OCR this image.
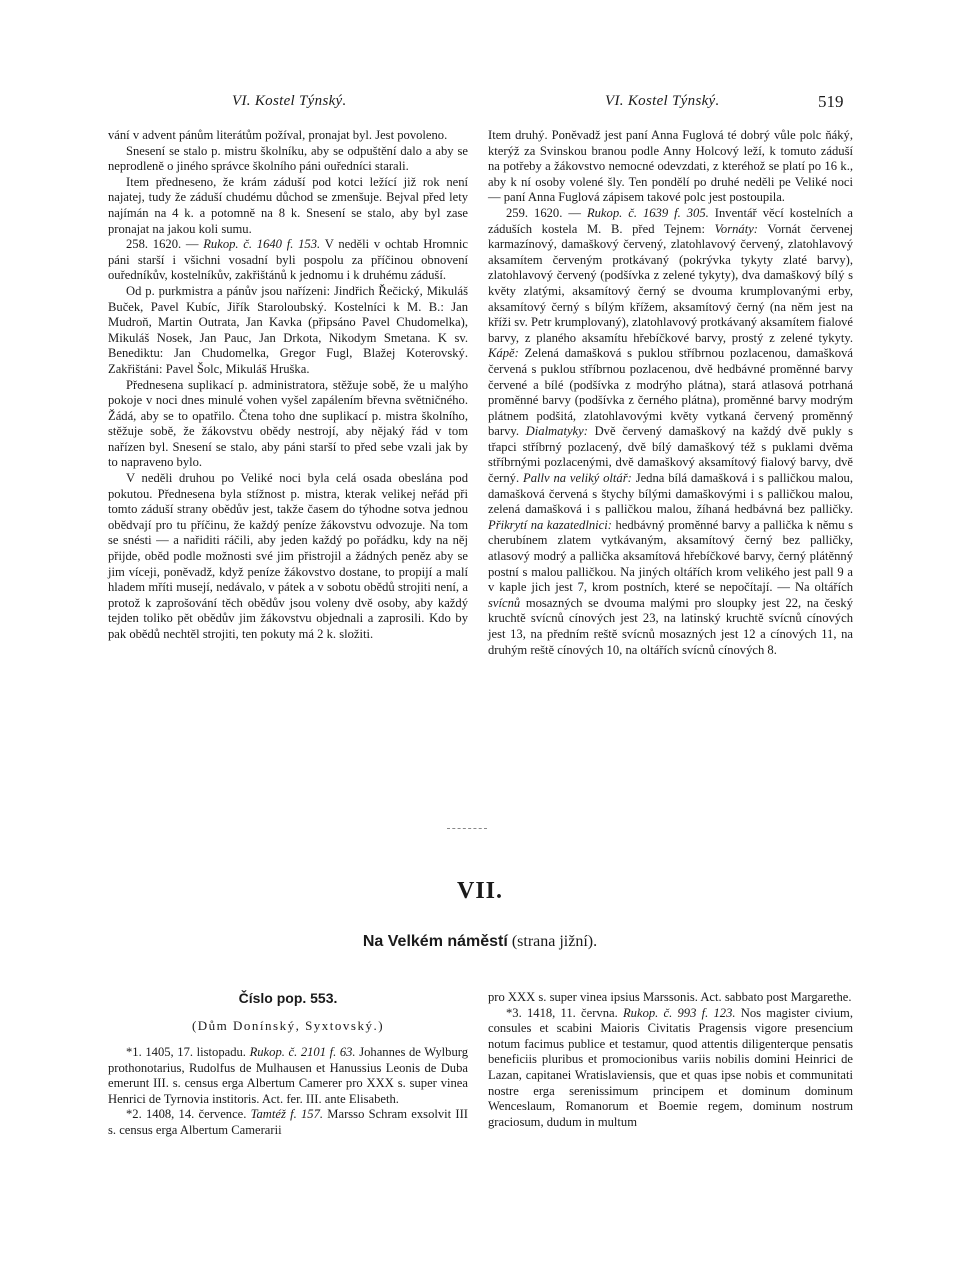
VI. Kostel Týnský.	VI. Kostel Týnský.	519

vání v advent pánům literátům požíval, pronajat byl. Jest povoleno.

Snesení se stalo p. mistru školníku, aby se odpuštění dalo a aby se neprodleně o jiného správce školního páni ouředníci starali.

Item předneseno, že krám záduší pod kotci ležící již rok není najatej, tudy že záduší chudému důchod se zmenšuje. Bejval před lety najímán na 4 k. a potomně na 8 k. Snesení se stalo, aby byl zase pronajat na jakou koli sumu.

258. 1620. — Rukop. č. 1640 f. 153. V neděli v ochtab Hromnic páni starší i všichni vosadní byli pospolu za příčinou obnovení ouředníkův, kostelníkův, zakřištánů k jednomu i k druhému záduší.

Od p. purkmistra a pánův jsou nařízeni: Jindřich Řečický, Mikuláš Buček, Pavel Kubíc, Jiřík Staroloubský. Kostelníci k M. B.: Jan Mudroň, Martin Outrata, Jan Kavka (připsáno Pavel Chudomelka), Mikuláš Nosek, Jan Pauc, Jan Drkota, Nikodym Smetana. K sv. Benediktu: Jan Chudomelka, Gregor Fugl, Blažej Koterovský. Zakřištáni: Pavel Šolc, Mikuláš Hruška.

Přednesena suplikací p. administratora, stěžuje sobě, že u malýho pokoje v noci dnes minulé vohen vyšel zapálením břevna světničného. Žádá, aby se to opatřilo. Čtena toho dne suplikací p. mistra školního, stěžuje sobě, že žákovstvu obědy nestrojí, aby nějaký řád v tom nařízen byl. Snesení se stalo, aby páni starší to před sebe vzali jak by to napraveno bylo.

V neděli druhou po Veliké noci byla celá osada obeslána pod pokutou. Přednesena byla stížnost p. mistra, kterak velikej neřád při tomto záduší strany obědův jest, takže časem do týhodne sotva jednou obědvají pro tu příčinu, že každý peníze žákovstvu odvozuje. Na tom se snésti — a nařiditi ráčili, aby jeden každý po pořádku, kdy na něj přijde, oběd podle možnosti své jim přistrojil a žádných peněz aby se jim víceji, poněvadž, když peníze žákovstvo dostane, to propijí a malí hladem mříti musejí, nedávalo, v pátek a v sobotu obědů strojiti není, a protož k zaprošování těch obědův jsou voleny dvě osoby, aby každý tejden toliko pět obědův jim žákovstvu objednali a zaprosili. Kdo by pak obědů nechtěl strojiti, ten pokuty má 2 k. složiti.

Item druhý. Poněvadž jest paní Anna Fuglová té dobrý vůle polc ňáký, kterýž za Svinskou branou podle Anny Holcový leží, k tomuto záduší na potřeby a žákovstvo nemocné odevzdati, z kteréhož se platí po 16 k., aby k ní osoby volené šly. Ten pondělí po druhé neděli pe Veliké noci — paní Anna Fuglová zápisem takové polc jest postoupila.

259. 1620. — Rukop. č. 1639 f. 305. Inventář věcí kostelních a záduších kostela M. B. před Tejnem: Vornáty: Vornát červenej karmazínový, damaškový červený, zlatohlavový červený, zlatohlavový aksamítem červeným protkávaný (pokrývka tykyty zlaté barvy), zlatohlavový červený (podšívka z zelené tykyty), dva damaškový bílý s květy zlatými, aksamítový černý se dvouma krumplovanými erby, aksamítový černý s bílým křížem, aksamítový černý (na něm jest na kříži sv. Petr krumplovaný), zlatohlavový protkávaný aksamítem fialové barvy, z planého aksamítu hřebíčkové barvy, prostý z zelené tykyty. Kápě: Zelená damašková s puklou stříbrnou pozlacenou, damašková červená s puklou stříbrnou pozlacenou, dvě hedbávné proměnné barvy červené a bílé (podšívka z modrýho plátna), stará atlasová potrhaná proměnné barvy (podšívka z černého plátna), proměnné barvy modrým plátnem podšitá, zlatohlavovými květy vytkaná červený proměnný barvy. Dialmatyky: Dvě červený damaškový na každý dvě pukly s třapci stříbrný pozlacený, dvě bílý damaškový též s puklami dvěma stříbrnými pozlacenými, dvě damaškový aksamítový fialový barvy, dvě černý. Pallv na veliký oltář: Jedna bílá damašková i s palličkou malou, damašková červená s štychy bílými damaškovými i s palličkou malou, zelená damašková i s palličkou malou, žíhaná hedbávná bez palličky. Přikrytí na kazatedlnici: hedbávný proměnné barvy a pallička k němu s cherubínem zlatem vytkávaným, aksamítový černý bez palličky, atlasový modrý a pallička aksamítová hřebíčkové barvy, černý plátěnný postní s malou palličkou. Na jiných oltářích krom velikého jest pall 9 a v kaple jich jest 7, krom postních, které se nepočítají. — Na oltářích svícnů mosazných se dvouma malými pro sloupky jest 22, na český kruchtě svícnů cínových jest 23, na latinský kruchtě svícnů cínových jest 13, na předním reště svícnů mosazných jest 12 a cínových 11, na druhým reště cínových 10, na oltářích svícnů cínových 8.

VII.
Na Velkém náměstí (strana jižní).
Číslo pop. 553.
(Dům Donínský, Syxtovský.)

*1. 1405, 17. listopadu. Rukop. č. 2101 f. 63. Johannes de Wylburg prothonotarius, Rudolfus de Mulhausen et Hanussius Leonis de Duba emerunt III. s. census erga Albertum Camerer pro XXX s. super vinea Henrici de Tyrnovia institoris. Act. fer. III. ante Elisabeth.

*2. 1408, 14. července. Tamtéž f. 157. Marsso Schram exsolvit III s. census erga Albertum Camerarii

pro XXX s. super vinea ipsius Marssonis. Act. sabbato post Margarethe.

*3. 1418, 11. června. Rukop. č. 993 f. 123. Nos magister civium, consules et scabini Maioris Civitatis Pragensis vigore presencium notum facimus publice et testamur, quod attentis diligenterque pensatis beneficiis pluribus et promocionibus variis nobilis domini Heinrici de Lazan, capitanei Wratislaviensis, que et quas ipse nobis et communitati nostre erga serenissimum principem et dominum dominum Wenceslaum, Romanorum et Boemie regem, dominum nostrum graciosum, dudum in multum
